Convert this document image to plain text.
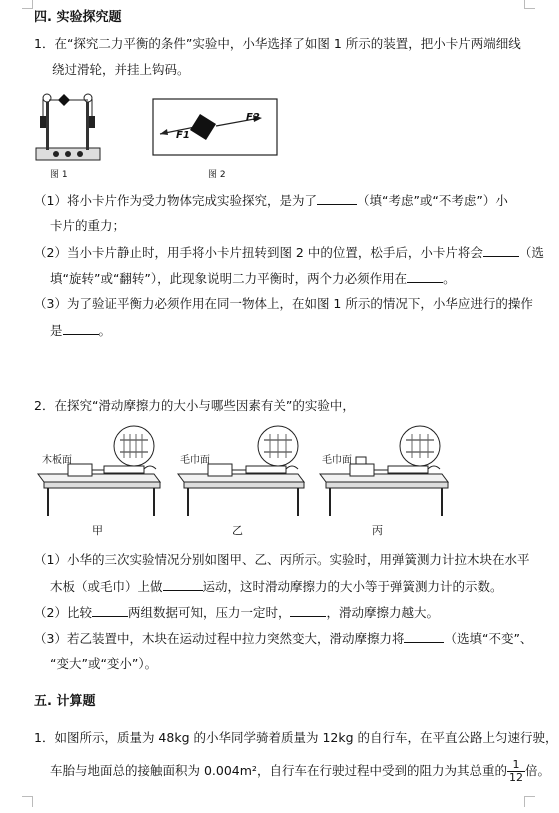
四. 实验探究题
1．在“探究二力平衡的条件”实验中，小华选择了如图 1 所示的装置，把小卡片两端细线
绕过滑轮，并挂上钩码。
图 1
F1
F2
图 2
（1）将小卡片作为受力物体完成实验探究，是为了	（填“考虑”或“不考虑”）小
卡片的重力；
（2）当小卡片静止时，用手将小卡片扭转到图 2 中的位置，松手后，小卡片将会	（选
填“旋转”或“翻转”），此现象说明二力平衡时，两个力必须作用在	。
（3）为了验证平衡力必须作用在同一物体上，在如图 1 所示的情况下，小华应进行的操作
是	。
2．在探究“滑动摩擦力的大小与哪些因素有关”的实验中，
木板面	毛巾面	毛巾面
甲	乙	丙
（1）小华的三次实验情况分别如图甲、乙、丙所示。实验时，用弹簧测力计拉木块在水平
木板（或毛巾）上做	运动，这时滑动摩擦力的大小等于弹簧测力计的示数。
（2）比较	两组数据可知，压力一定时，	，滑动摩擦力越大。
（3）若乙装置中，木块在运动过程中拉力突然变大，滑动摩擦力将	（选填“不变”、
“变大”或“变小”）。
五. 计算题
1．如图所示，质量为 48kg 的小华同学骑着质量为 12kg 的自行车，在平直公路上匀速行驶，
车胎与地面总的接触面积为 0.004m²，自行车在行驶过程中受到的阻力为其总重的 $\frac{1}{12}$ 倍。
